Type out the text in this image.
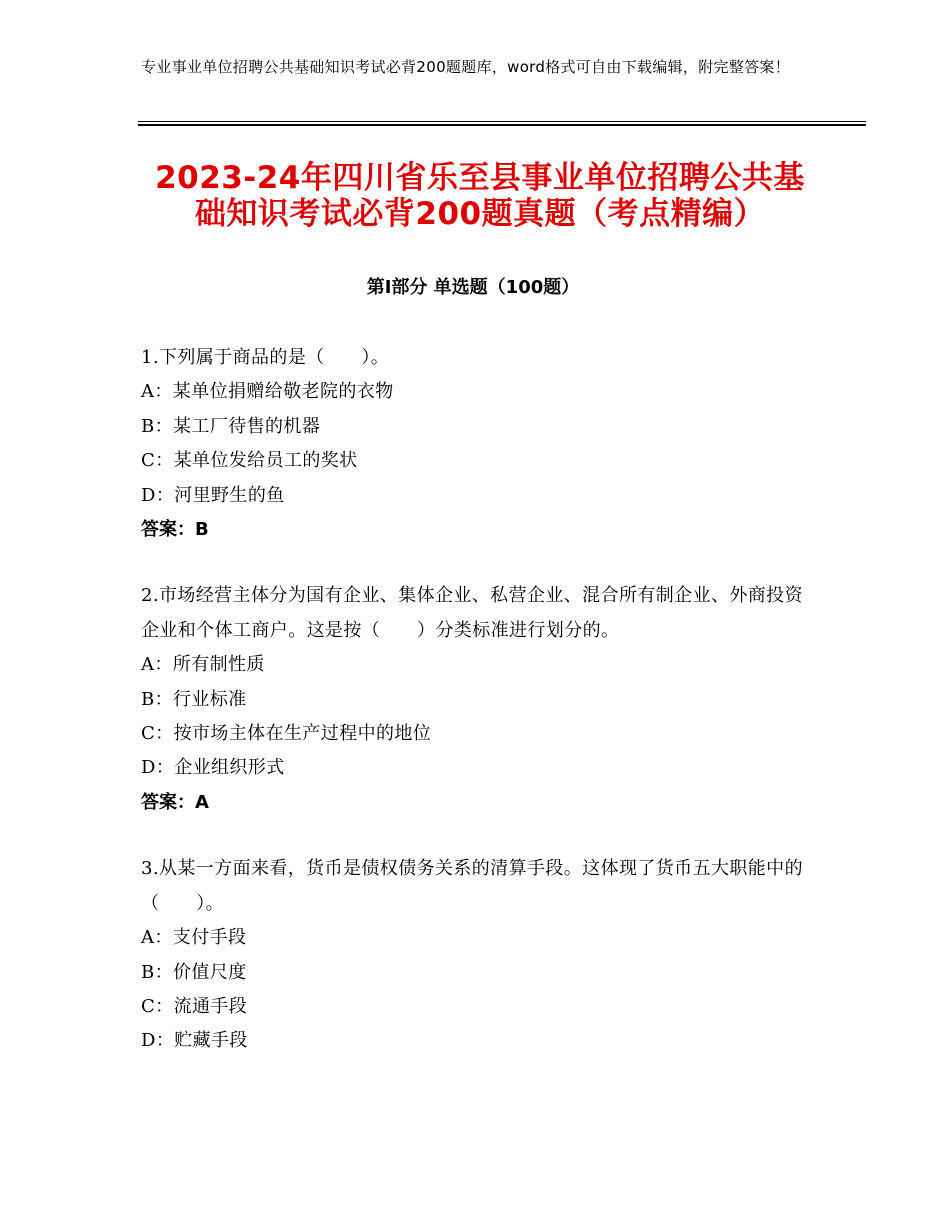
专业事业单位招聘公共基础知识考试必背200题题库，word格式可自由下载编辑，附完整答案！
2023-24年四川省乐至县事业单位招聘公共基础知识考试必背200题真题（考点精编）
第Ⅰ部分 单选题（100题）
1.下列属于商品的是（　　）。
A：某单位捐赠给敬老院的衣物
B：某工厂待售的机器
C：某单位发给员工的奖状
D：河里野生的鱼
答案：B
2.市场经营主体分为国有企业、集体企业、私营企业、混合所有制企业、外商投资企业和个体工商户。这是按（　　）分类标准进行划分的。
A：所有制性质
B：行业标准
C：按市场主体在生产过程中的地位
D：企业组织形式
答案：A
3.从某一方面来看，货币是债权债务关系的清算手段。这体现了货币五大职能中的（　　）。
A：支付手段
B：价值尺度
C：流通手段
D：贮藏手段
